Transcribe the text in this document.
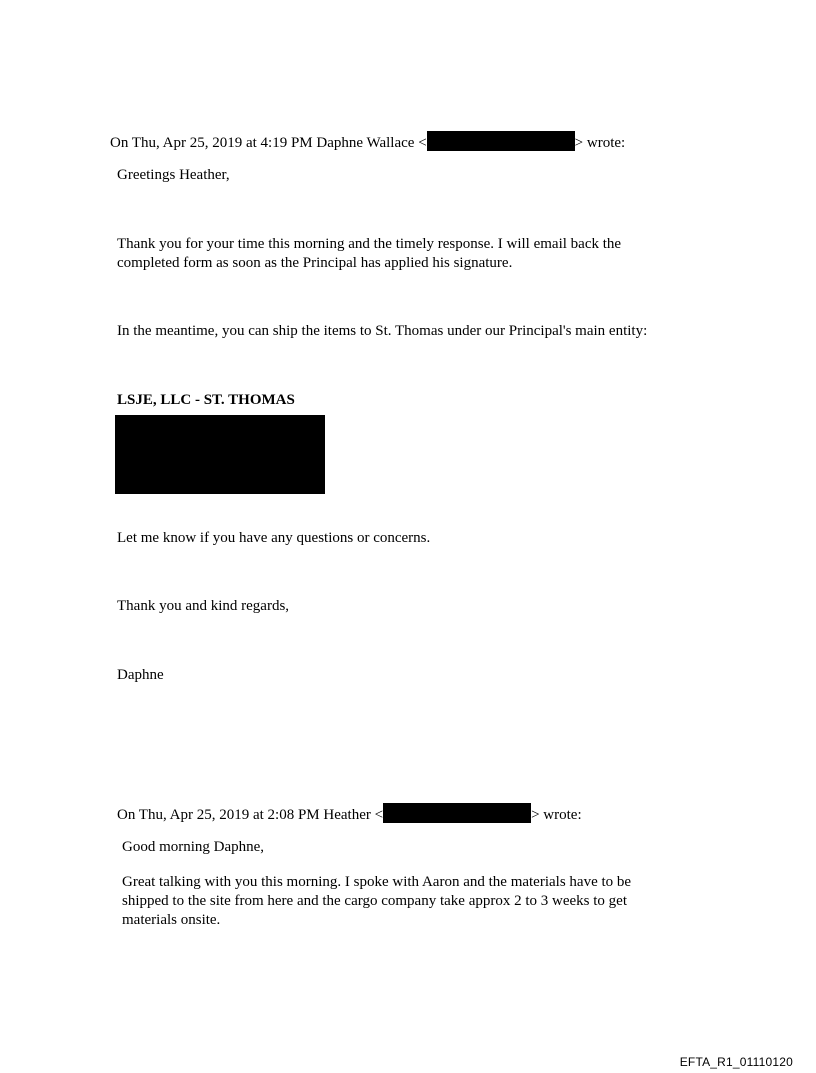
On Thu, Apr 25, 2019 at 4:19 PM Daphne Wallace <	> wrote:
Greetings Heather,
Thank you for your time this morning and the timely response. I will email back the completed form as soon as the Principal has applied his signature.
In the meantime, you can ship the items to St. Thomas under our Principal's main entity:
LSJE, LLC - ST. THOMAS
Let me know if you have any questions or concerns.
Thank you and kind regards,
Daphne
On Thu, Apr 25, 2019 at 2:08 PM Heather <	> wrote:
Good morning Daphne,
Great talking with you this morning. I spoke with Aaron and the materials have to be shipped to the site from here and the cargo company take approx 2 to 3 weeks to get materials onsite.
EFTA_R1_01110120
